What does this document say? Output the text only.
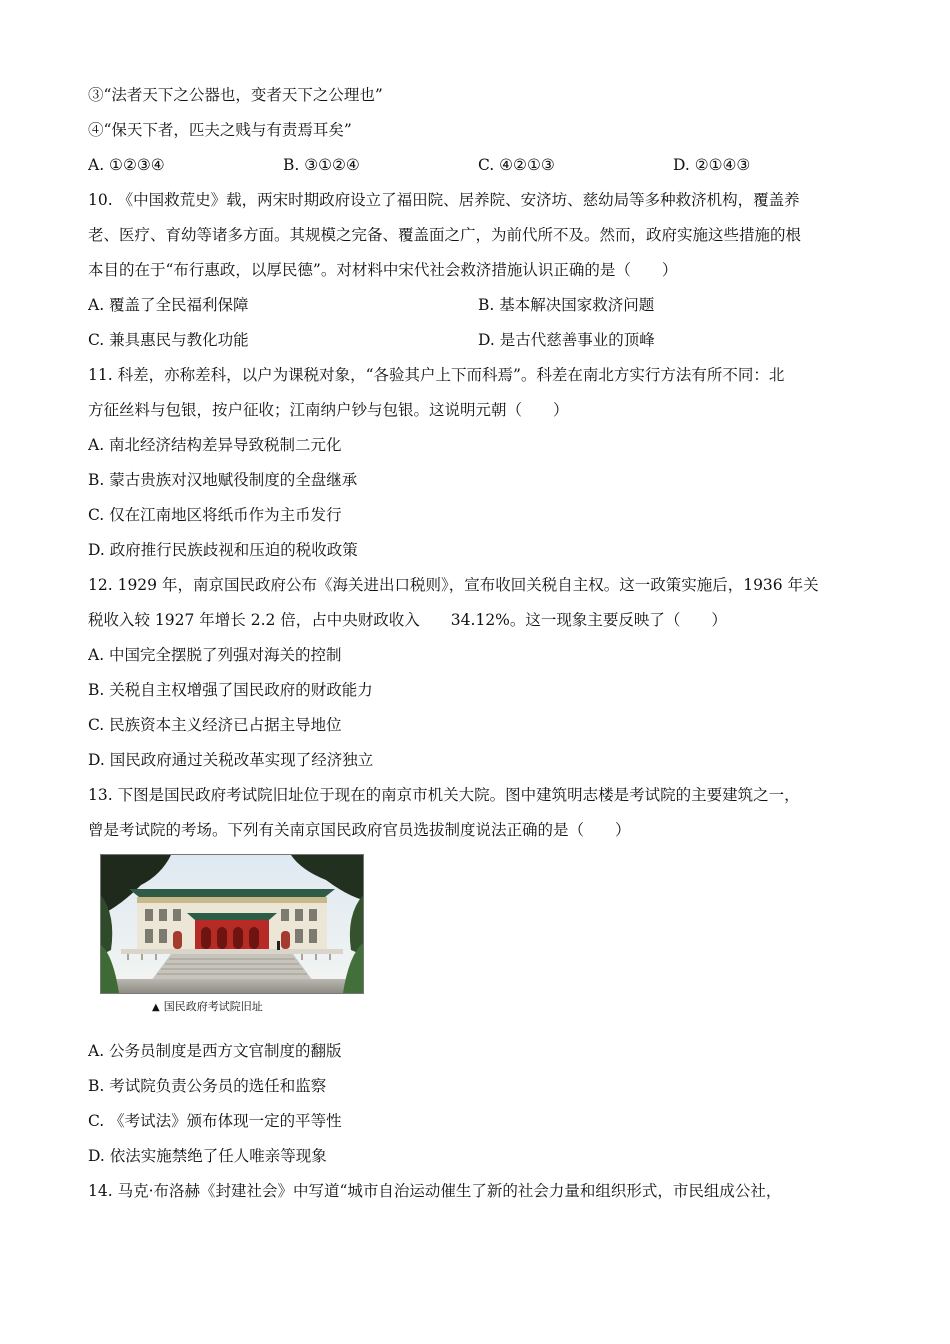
③“法者天下之公器也，变者天下之公理也”
④“保天下者，匹夫之贱与有责焉耳矣”
A. ①②③④	B. ③①②④	C. ④②①③	D. ②①④③
10. 《中国救荒史》载，两宋时期政府设立了福田院、居养院、安济坊、慈幼局等多种救济机构，覆盖养
老、医疗、育幼等诸多方面。其规模之完备、覆盖面之广，为前代所不及。然而，政府实施这些措施的根
本目的在于“布行惠政，以厚民德”。对材料中宋代社会救济措施认识正确的是（　　）
A. 覆盖了全民福利保障	B. 基本解决国家救济问题
C. 兼具惠民与教化功能	D. 是古代慈善事业的顶峰
11. 科差，亦称差科，以户为课税对象，“各验其户上下而科焉”。科差在南北方实行方法有所不同：北
方征丝料与包银，按户征收；江南纳户钞与包银。这说明元朝（　　）
A. 南北经济结构差异导致税制二元化
B. 蒙古贵族对汉地赋役制度的全盘继承
C. 仅在江南地区将纸币作为主币发行
D. 政府推行民族歧视和压迫的税收政策
12. 1929 年，南京国民政府公布《海关进出口税则》，宣布收回关税自主权。这一政策实施后，1936 年关
税收入较 1927 年增长 2.2 倍，占中央财政收入　　34.12%。这一现象主要反映了（　　）
A. 中国完全摆脱了列强对海关的控制
B. 关税自主权增强了国民政府的财政能力
C. 民族资本主义经济已占据主导地位
D. 国民政府通过关税改革实现了经济独立
13. 下图是国民政府考试院旧址位于现在的南京市机关大院。图中建筑明志楼是考试院的主要建筑之一，
曾是考试院的考场。下列有关南京国民政府官员选拔制度说法正确的是（　　）
▲ 国民政府考试院旧址
A. 公务员制度是西方文官制度的翻版
B. 考试院负责公务员的选任和监察
C. 《考试法》颁布体现一定的平等性
D. 依法实施禁绝了任人唯亲等现象
14. 马克·布洛赫《封建社会》中写道“城市自治运动催生了新的社会力量和组织形式，市民组成公社，
